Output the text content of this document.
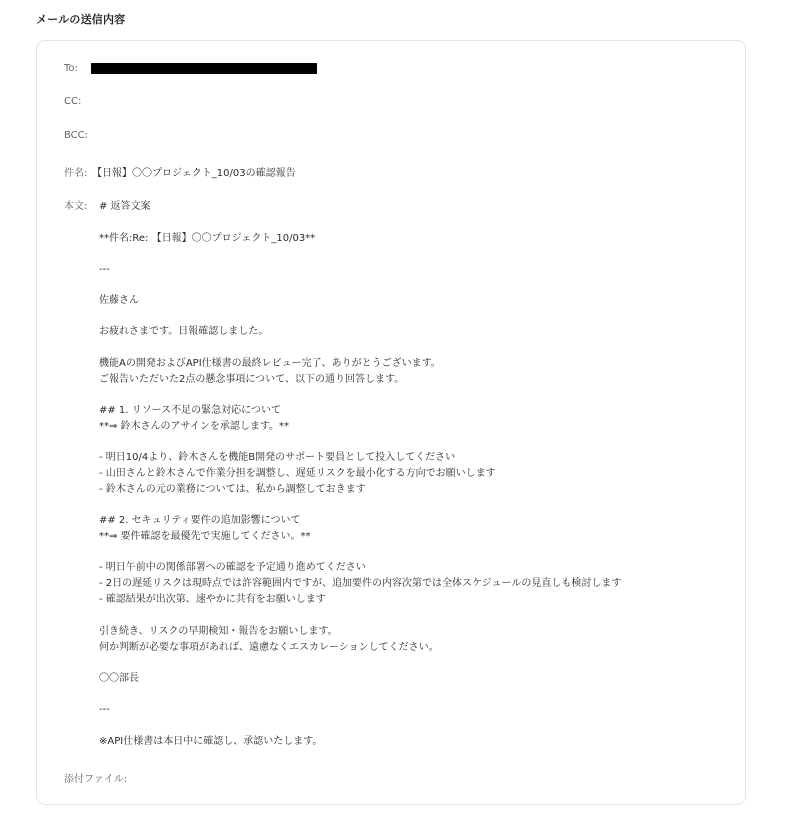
メールの送信内容
To:
CC:
BCC:
件名: 【日報】〇〇プロジェクト_10/03の確認報告
本文: # 返答文案
**件名:Re: 【日報】〇〇プロジェクト_10/03**
---
佐藤さん
お疲れさまです。日報確認しました。
機能Aの開発およびAPI仕様書の最終レビュー完了、ありがとうございます。
ご報告いただいた2点の懸念事項について、以下の通り回答します。
## 1. リソース不足の緊急対応について
**⇒ 鈴木さんのアサインを承認します。**
- 明日10/4より、鈴木さんを機能B開発のサポート要員として投入してください
- 山田さんと鈴木さんで作業分担を調整し、遅延リスクを最小化する方向でお願いします
- 鈴木さんの元の業務については、私から調整しておきます
## 2. セキュリティ要件の追加影響について
**⇒ 要件確認を最優先で実施してください。**
- 明日午前中の関係部署への確認を予定通り進めてください
- 2日の遅延リスクは現時点では許容範囲内ですが、追加要件の内容次第では全体スケジュールの見直しも検討します
- 確認結果が出次第、速やかに共有をお願いします
引き続き、リスクの早期検知・報告をお願いします。
何か判断が必要な事項があれば、遠慮なくエスカレーションしてください。
〇〇部長
---
※API仕様書は本日中に確認し、承認いたします。
添付ファイル:
